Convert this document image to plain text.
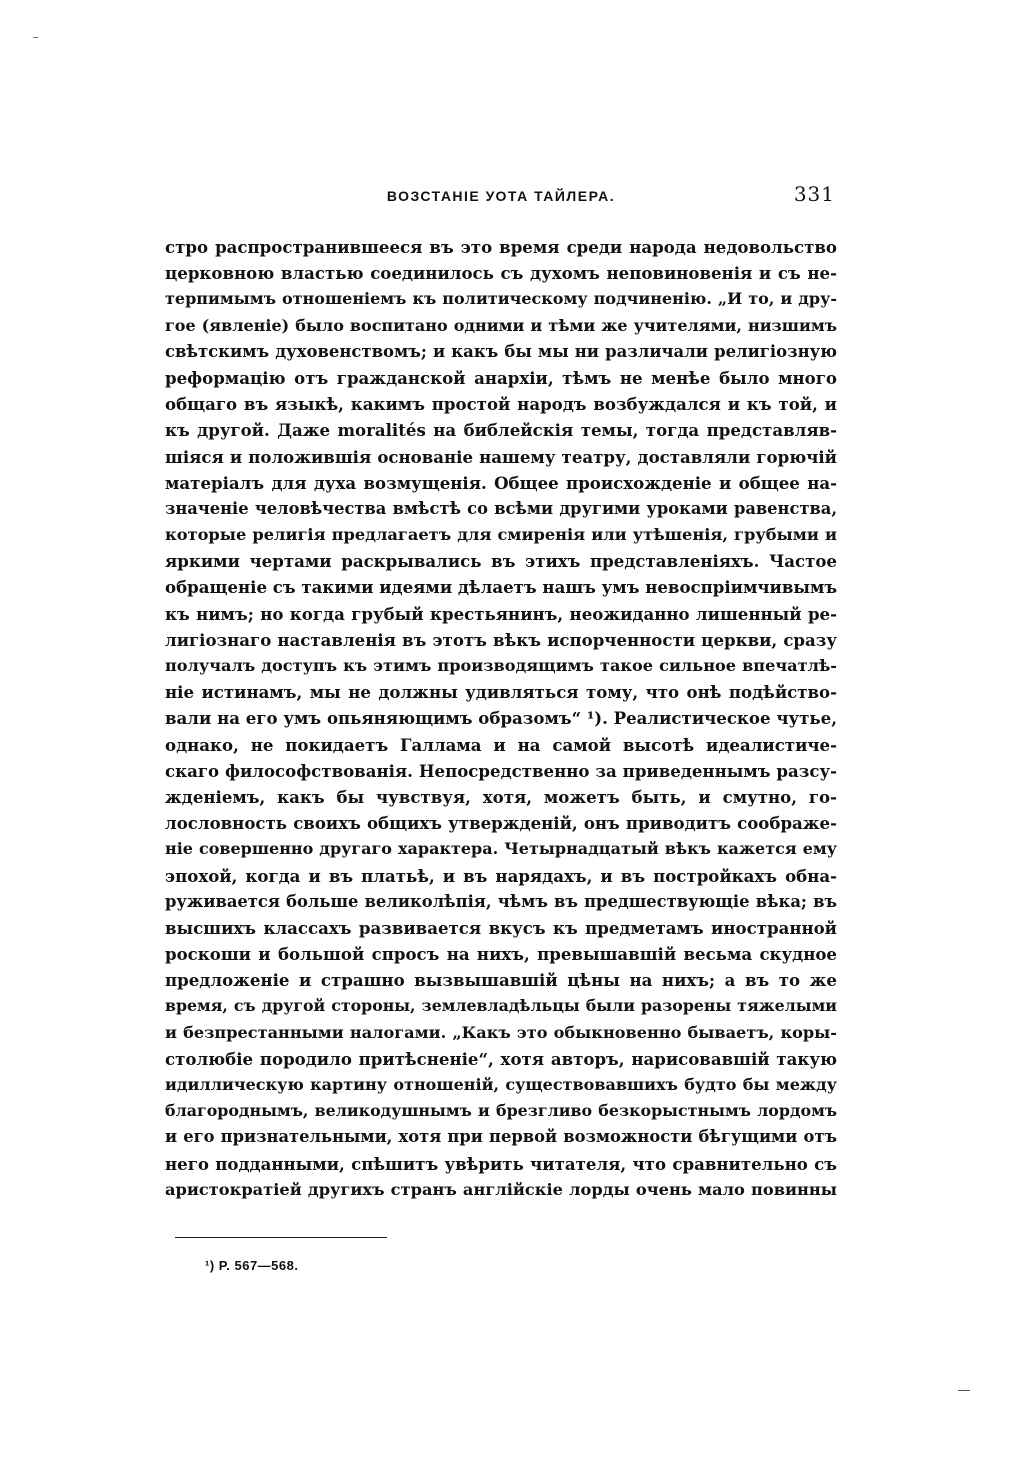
ВОЗСТАНІЕ УОТА ТАЙЛЕРА.	331
стро распространившееся въ это время среди народа недовольство
церковною властью соединилось съ духомъ неповиновенія и съ не-
терпимымъ отношеніемъ къ политическому подчиненію. „И то, и дру-
гое (явленіе) было воспитано одними и тѣми же учителями, низшимъ
свѣтскимъ духовенствомъ; и какъ бы мы ни различали религіозную
реформацію отъ гражданской анархіи, тѣмъ не менѣе было много
общаго въ языкѣ, какимъ простой народъ возбуждался и къ той, и
къ другой. Даже moralités на библейскія темы, тогда представляв-
шіяся и положившія основаніе нашему театру, доставляли горючій
матеріалъ для духа возмущенія. Общее происхожденіе и общее на-
значеніе человѣчества вмѣстѣ со всѣми другими уроками равенства,
которые религія предлагаетъ для смиренія или утѣшенія, грубыми и
яркими чертами раскрывались въ этихъ представленіяхъ. Частое
обращеніе съ такими идеями дѣлаетъ нашъ умъ невоспріимчивымъ
къ нимъ; но когда грубый крестьянинъ, неожиданно лишенный ре-
лигіознаго наставленія въ этотъ вѣкъ испорченности церкви, сразу
получалъ доступъ къ этимъ производящимъ такое сильное впечатлѣ-
ніе истинамъ, мы не должны удивляться тому, что онѣ подѣйство-
вали на его умъ опьяняющимъ образомъ“ ¹). Реалистическое чутье,
однако, не покидаетъ Галлама и на самой высотѣ идеалистиче-
скаго философствованія. Непосредственно за приведеннымъ разсу-
жденіемъ, какъ бы чувствуя, хотя, можетъ быть, и смутно, го-
лословность своихъ общихъ утвержденій, онъ приводитъ соображе-
ніе совершенно другаго характера. Четырнадцатый вѣкъ кажется ему
эпохой, когда и въ платьѣ, и въ нарядахъ, и въ постройкахъ обна-
руживается больше великолѣпія, чѣмъ въ предшествующіе вѣка; въ
высшихъ классахъ развивается вкусъ къ предметамъ иностранной
роскоши и большой спросъ на нихъ, превышавшій весьма скудное
предложеніе и страшно вызвышавшій цѣны на нихъ; а въ то же
время, съ другой стороны, землевладѣльцы были разорены тяжелыми
и безпрестанными налогами. „Какъ это обыкновенно бываетъ, коры-
столюбіе породило притѣсненіе“, хотя авторъ, нарисовавшій такую
идиллическую картину отношеній, существовавшихъ будто бы между
благороднымъ, великодушнымъ и брезгливо безкорыстнымъ лордомъ
и его признательными, хотя при первой возможности бѣгущими отъ
него подданными, спѣшитъ увѣрить читателя, что сравнительно съ
аристократіей другихъ странъ англійскіе лорды очень мало повинны
¹) P. 567—568.
